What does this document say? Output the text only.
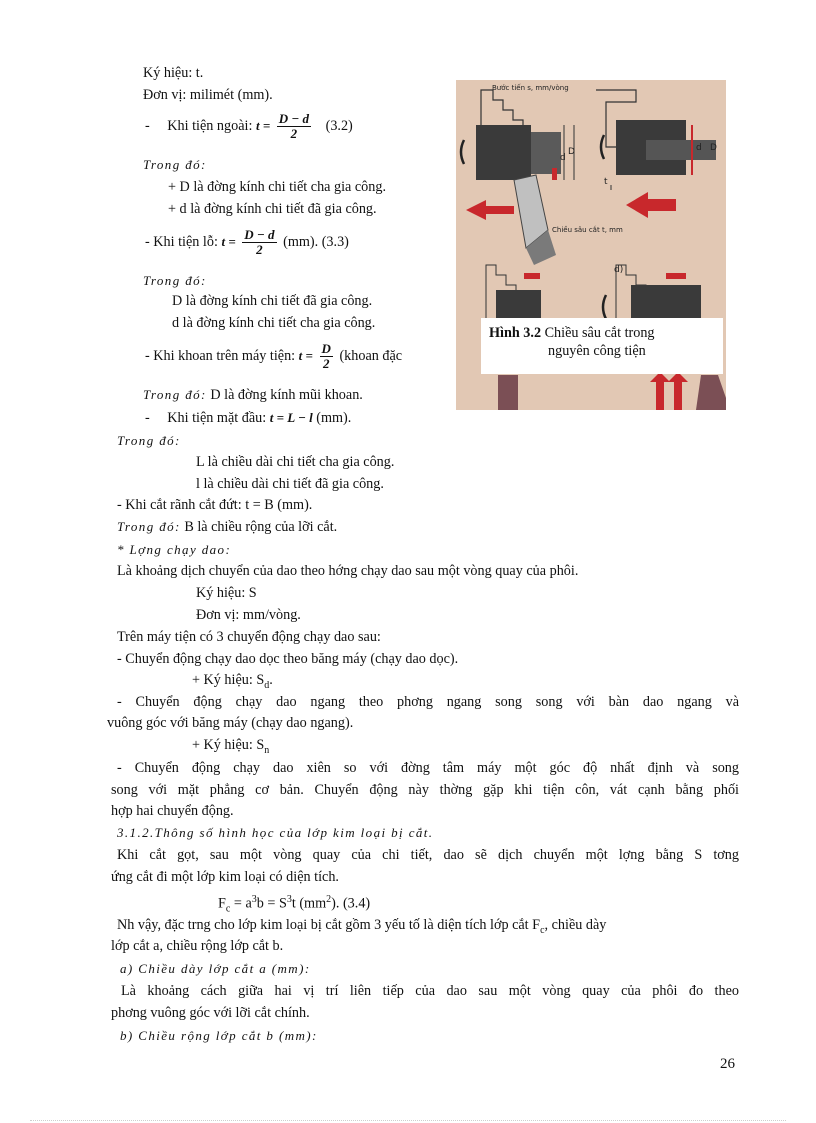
d
D
Bước tiến s, mm/vòng
Chiều sâu cắt t, mm
d D
t
d)
Hình 3.2 Chiều sâu cắt trong
nguyên công tiện
Ký hiệu: t.
Đơn vị: milimét (mm).
- Khi tiện ngoài: $t = \frac{D - d}{2} (3.2)$
Trong đó:
+ D là đờng kính chi tiết cha gia công.
+ d là đờng kính chi tiết đã gia công.
- Khi tiện lỗ: $t = \frac{D - d}{2} (mm)$. (3.3)
Trong đó:
D là đờng kính chi tiết đã gia công.
d là đờng kính chi tiết cha gia công.
- Khi khoan trên máy tiện: $t = \frac{D}{2}$ (khoan đặc
Trong đó: D là đờng kính mũi khoan.
- Khi tiện mặt đầu: t = L − l (mm).
Trong đó:
L là chiều dài chi tiết cha gia công.
l là chiều dài chi tiết đã gia công.
- Khi cắt rãnh cắt đứt: t = B (mm).
Trong đó: B là chiều rộng của lỡi cắt.
* Lợng chạy dao:
Là khoảng dịch chuyển của dao theo hớng chạy dao sau một vòng quay của phôi.
Ký hiệu: S
Đơn vị: mm/vòng.
Trên máy tiện có 3 chuyển động chạy dao sau:
- Chuyển động chạy dao dọc theo băng máy (chạy dao dọc).
+ Ký hiệu: $S_d$.
- Chuyển động chạy dao ngang theo phơng ngang song song với bàn dao ngang và
vuông góc với băng máy (chạy dao ngang).
+ Ký hiệu: $S_n$
- Chuyển động chạy dao xiên so với đờng tâm máy một góc độ nhất định và song
song với mặt phẳng cơ bản. Chuyển động này thờng gặp khi tiện côn, vát cạnh bằng phối
hợp hai chuyển động.
3.1.2.Thông số hình học của lớp kim loại bị cắt.
Khi cắt gọt, sau một vòng quay của chi tiết, dao sẽ dịch chuyển một lợng bằng S tơng
ứng cắt đi một lớp kim loại có diện tích.
$F_c = a^3b = S^3t$ $(mm^2)$. (3.4)
Nh vậy, đặc trng cho lớp kim loại bị cắt gồm 3 yếu tố là diện tích lớp cắt $F_c$, chiều dày
lớp cắt a, chiều rộng lớp cắt b.
a) Chiều dày lớp cắt a (mm):
Là khoảng cách giữa hai vị trí liên tiếp của dao sau một vòng quay của phôi đo theo
phơng vuông góc với lỡi cắt chính.
b) Chiều rộng lớp cắt b (mm):
26
